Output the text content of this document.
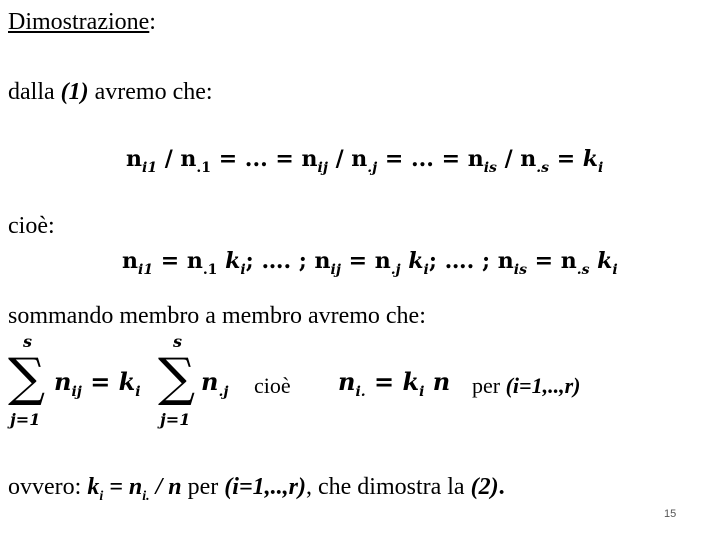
Dimostrazione:
dalla (1) avremo che:
$n_{i1} / n_{.1}$ = ... = $n_{ij} / n_{.j}$ = ... = $n_{is} / n_{.s} = k_i$
cioè:
$n_{i1} = n_{.1}$ $k_i$; …. ; $n_{ij} = n_{.j}$ $k_i$; …. ; $n_{is} = n_{.s}$ $k_i$
sommando membro a membro avremo che:
s
∑
j=1
$n_{ij} = k_i$
s
∑
j=1
$n_{.j}$ cioè $n_{i.} = k_i$ n per (i=1,..,r)
ovvero: $k_i = n_{i.} / n$ per (i=1,..,r), che dimostra la (2).
15
